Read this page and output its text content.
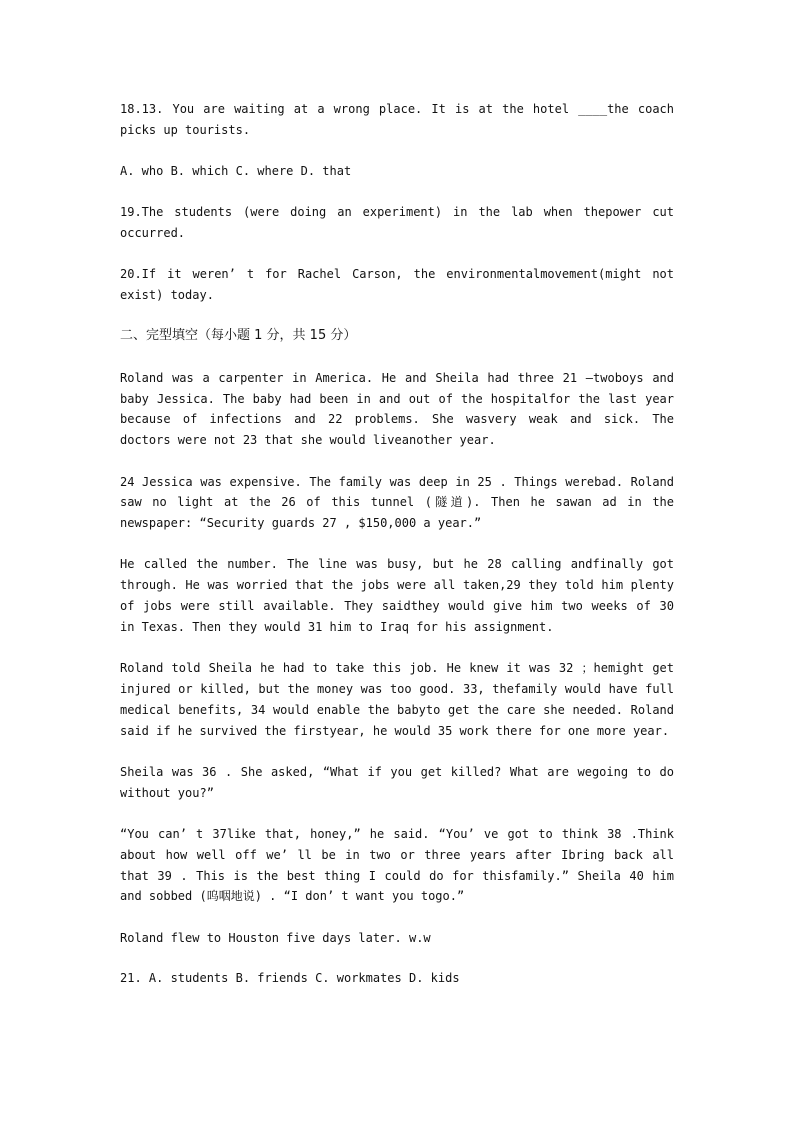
18.13. You are waiting at a wrong place. It is at the hotel ____the coach picks up tourists.

A. who B. which C. where D. that

19.The students (were doing an experiment) in the lab when thepower cut occurred.

20.If it weren’ t for Rachel Carson, the environmentalmovement(might not exist) today.

二、完型填空（每小题 1 分，共 15 分）

Roland was a carpenter in America. He and Sheila had three 21 —twoboys and baby Jessica. The baby had been in and out of the hospitalfor the last year because of infections and 22 problems. She wasvery weak and sick. The doctors were not 23 that she would liveanother year.

24 Jessica was expensive. The family was deep in 25 . Things werebad. Roland saw no light at the 26 of this tunnel (隧道). Then he sawan ad in the newspaper: “Security guards 27 , $150,000 a year.”

He called the number. The line was busy, but he 28 calling andfinally got through. He was worried that the jobs were all taken,29 they told him plenty of jobs were still available. They saidthey would give him two weeks of 30 in Texas. Then they would 31 him to Iraq for his assignment.

Roland told Sheila he had to take this job. He knew it was 32 ；hemight get injured or killed, but the money was too good. 33, thefamily would have full medical benefits, 34 would enable the babyto get the care she needed. Roland said if he survived the firstyear, he would 35 work there for one more year.

Sheila was 36 . She asked, “What if you get killed? What are wegoing to do without you?”

“You can’ t 37like that, honey,” he said. “You’ ve got to think 38 .Think about how well off we’ ll be in two or three years after Ibring back all that 39 . This is the best thing I could do for thisfamily.” Sheila 40 him and sobbed (呜咽地说) . “I don’ t want you togo.”

Roland flew to Houston five days later. w.w

21. A. students B. friends C. workmates D. kids
